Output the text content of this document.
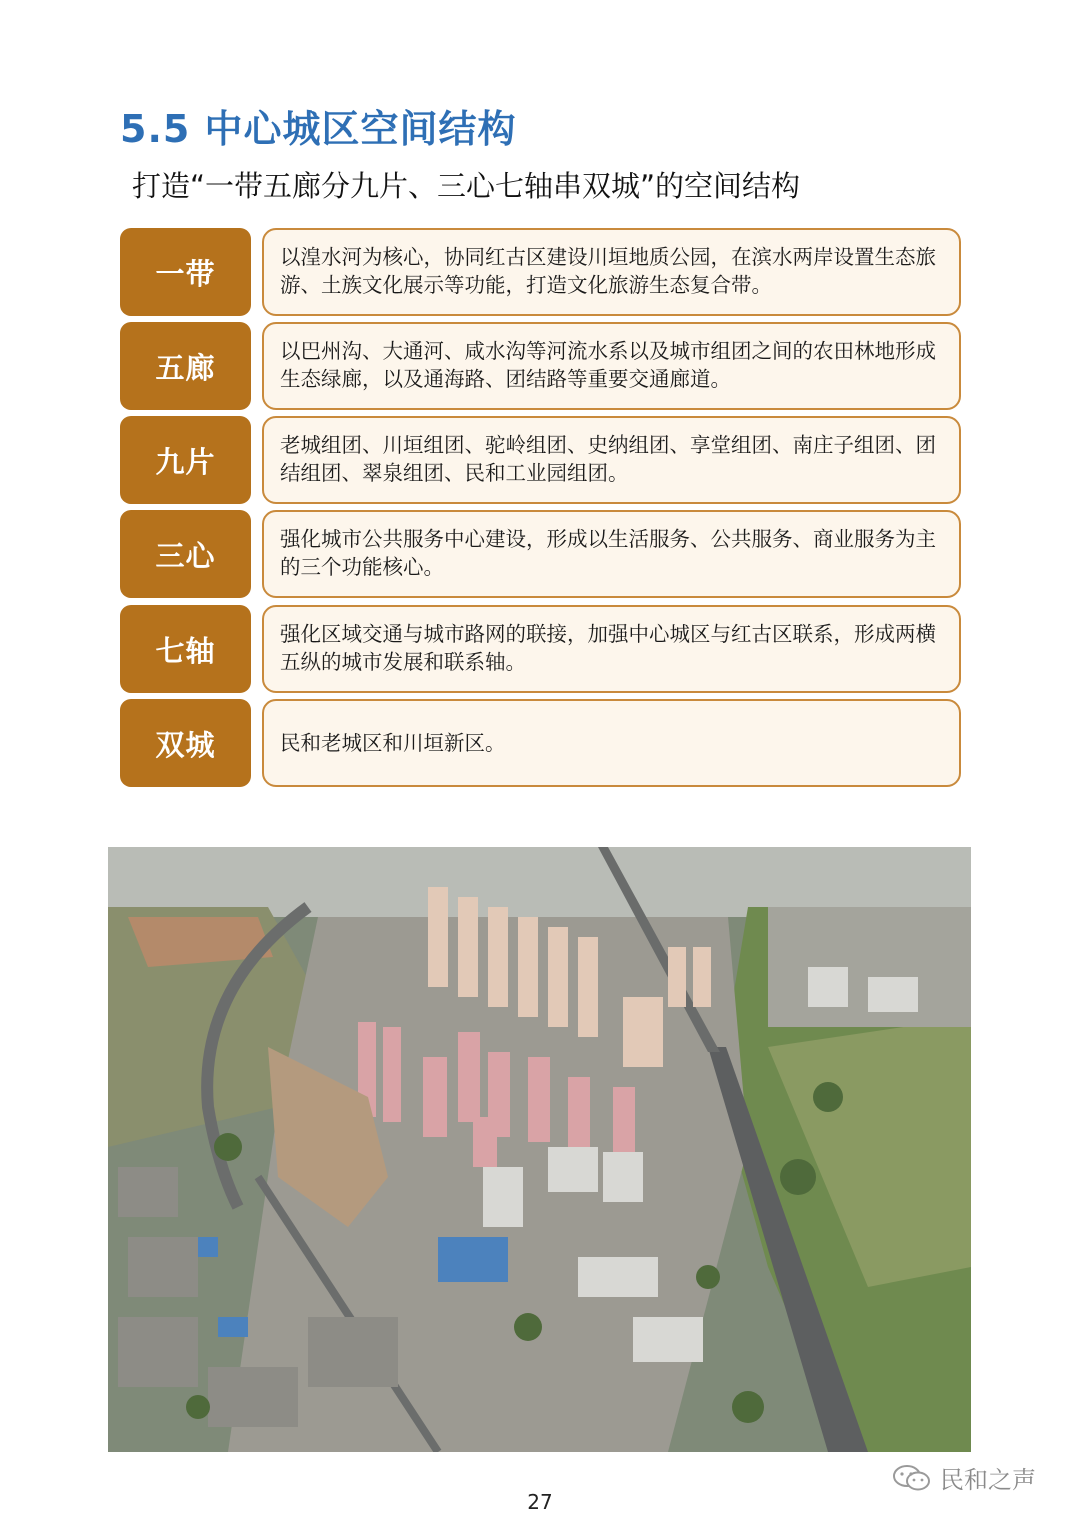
5.5 中心城区空间结构
打造“一带五廊分九片、三心七轴串双城”的空间结构
一带	以湟水河为核心，协同红古区建设川垣地质公园，在滨水两岸设置生态旅游、土族文化展示等功能，打造文化旅游生态复合带。
五廊	以巴州沟、大通河、咸水沟等河流水系以及城市组团之间的农田林地形成生态绿廊，以及通海路、团结路等重要交通廊道。
九片	老城组团、川垣组团、驼岭组团、史纳组团、享堂组团、南庄子组团、团结组团、翠泉组团、民和工业园组团。
三心	强化城市公共服务中心建设，形成以生活服务、公共服务、商业服务为主的三个功能核心。
七轴	强化区域交通与城市路网的联接，加强中心城区与红古区联系，形成两横五纵的城市发展和联系轴。
双城	民和老城区和川垣新区。
民和之声
27
